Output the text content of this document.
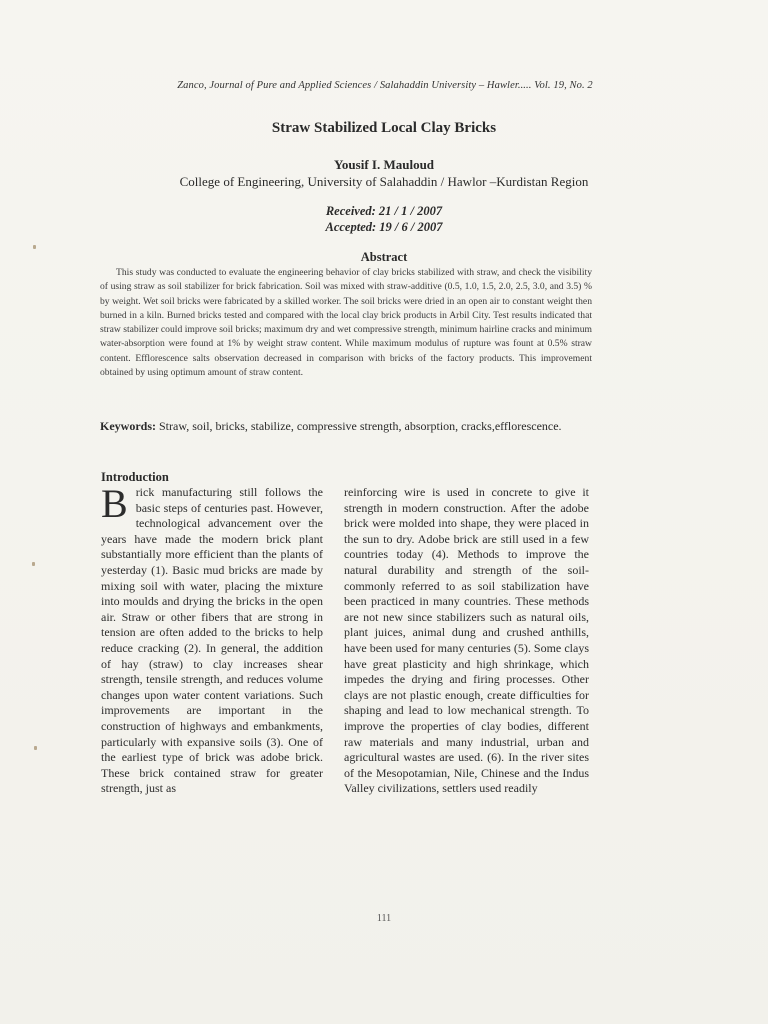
Zanco, Journal of Pure and Applied Sciences / Salahaddin University – Hawler..... Vol. 19, No. 2
Straw Stabilized Local Clay Bricks
Yousif I. Mauloud
College of Engineering, University of Salahaddin / Hawlor –Kurdistan Region
Received: 21 / 1 / 2007
Accepted: 19 / 6 / 2007
Abstract
This study was conducted to evaluate the engineering behavior of clay bricks stabilized with straw, and check the visibility of using straw as soil stabilizer for brick fabrication. Soil was mixed with straw-additive (0.5, 1.0, 1.5, 2.0, 2.5, 3.0, and 3.5) % by weight. Wet soil bricks were fabricated by a skilled worker. The soil bricks were dried in an open air to constant weight then burned in a kiln. Burned bricks tested and compared with the local clay brick products in Arbil City. Test results indicated that straw stabilizer could improve soil bricks; maximum dry and wet compressive strength, minimum hairline cracks and minimum water-absorption were found at 1% by weight straw content. While maximum modulus of rupture was fount at 0.5% straw content. Efflorescence salts observation decreased in comparison with bricks of the factory products. This improvement obtained by using optimum amount of straw content.
Keywords: Straw, soil, bricks, stabilize, compressive strength, absorption, cracks,efflorescence.
Introduction
Brick manufacturing still follows the basic steps of centuries past. However, technological advancement over the years have made the modern brick plant substantially more efficient than the plants of yesterday (1). Basic mud bricks are made by mixing soil with water, placing the mixture into moulds and drying the bricks in the open air. Straw or other fibers that are strong in tension are often added to the bricks to help reduce cracking (2). In general, the addition of hay (straw) to clay increases shear strength, tensile strength, and reduces volume changes upon water content variations. Such improvements are important in the construction of highways and embankments, particularly with expansive soils (3). One of the earliest type of brick was adobe brick. These brick contained straw for greater strength, just as
reinforcing wire is used in concrete to give it strength in modern construction. After the adobe brick were molded into shape, they were placed in the sun to dry. Adobe brick are still used in a few countries today (4). Methods to improve the natural durability and strength of the soil-commonly referred to as soil stabilization have been practiced in many countries. These methods are not new since stabilizers such as natural oils, plant juices, animal dung and crushed anthills, have been used for many centuries (5). Some clays have great plasticity and high shrinkage, which impedes the drying and firing processes. Other clays are not plastic enough, create difficulties for shaping and lead to low mechanical strength. To improve the properties of clay bodies, different raw materials and many industrial, urban and agricultural wastes are used. (6). In the river sites of the Mesopotamian, Nile, Chinese and the Indus Valley civilizations, settlers used readily
111
